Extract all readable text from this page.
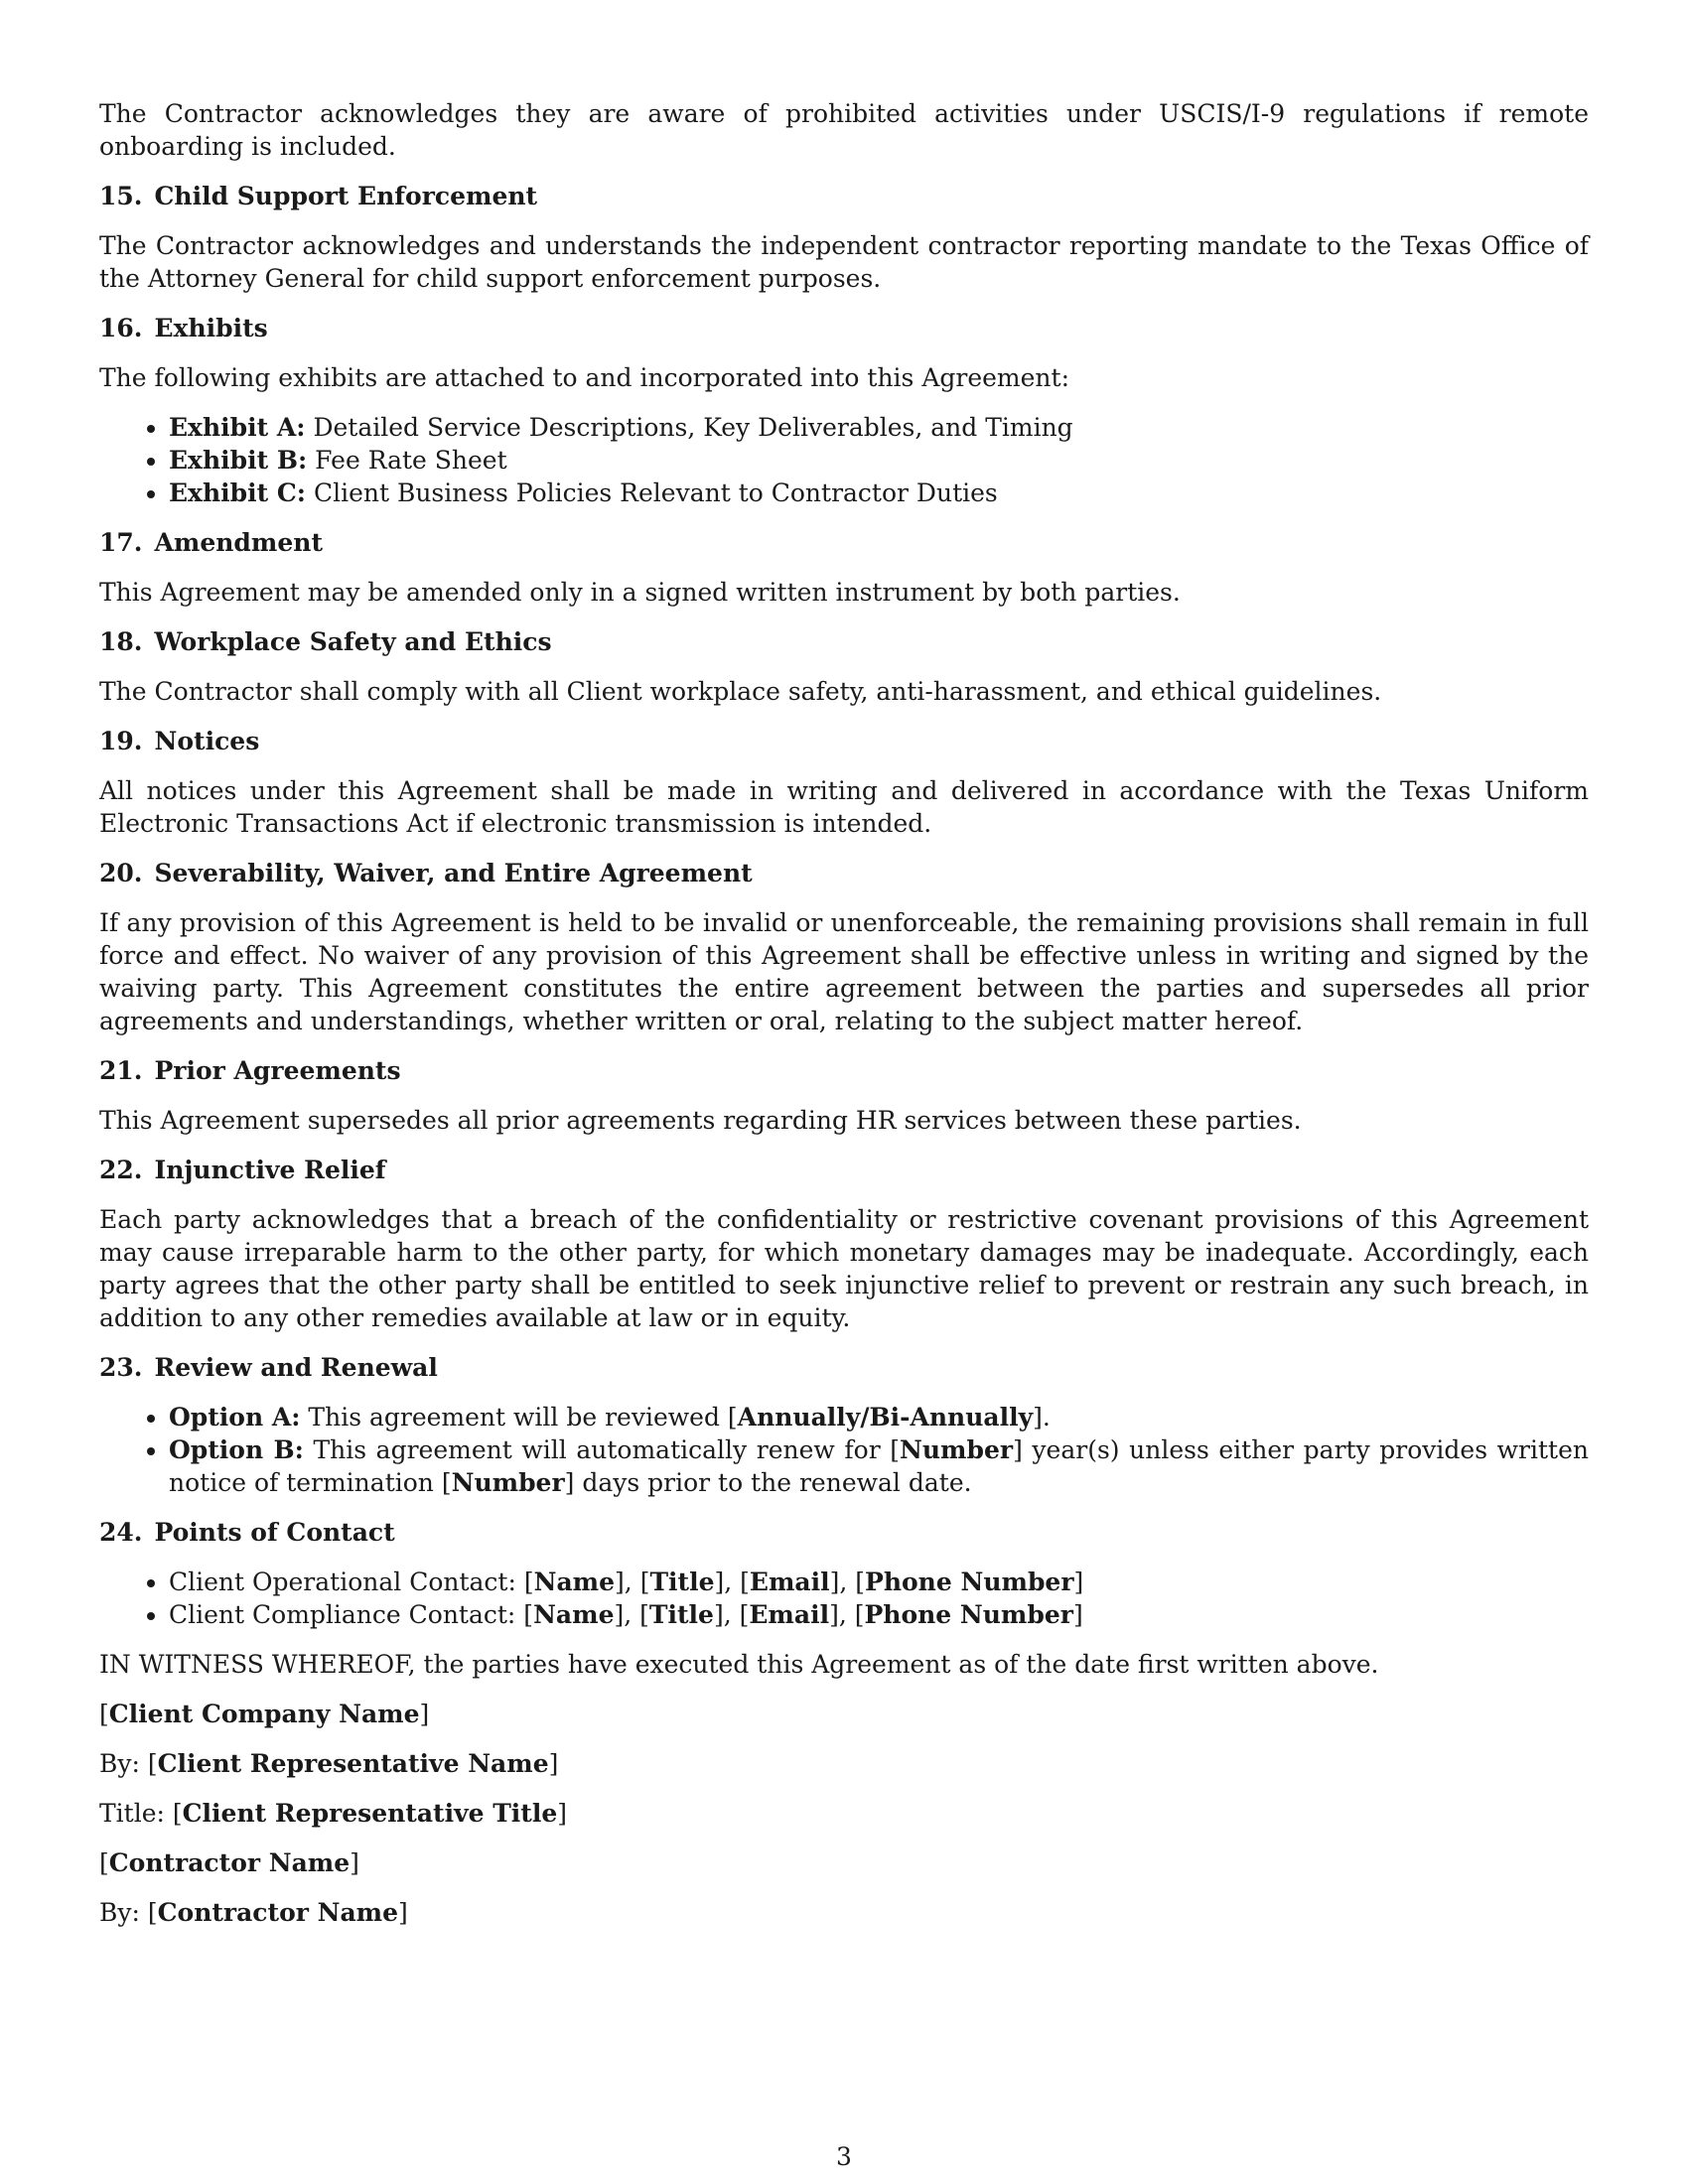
The Contractor acknowledges they are aware of prohibited activities under USCIS/I-9 regulations if remote onboarding is included.

15. Child Support Enforcement

The Contractor acknowledges and understands the independent contractor reporting mandate to the Texas Office of the Attorney General for child support enforcement purposes.

16. Exhibits

The following exhibits are attached to and incorporated into this Agreement:

• Exhibit A: Detailed Service Descriptions, Key Deliverables, and Timing
• Exhibit B: Fee Rate Sheet
• Exhibit C: Client Business Policies Relevant to Contractor Duties
17. Amendment

This Agreement may be amended only in a signed written instrument by both parties.

18. Workplace Safety and Ethics

The Contractor shall comply with all Client workplace safety, anti-harassment, and ethical guidelines.

19. Notices

All notices under this Agreement shall be made in writing and delivered in accordance with the Texas Uniform Electronic Transactions Act if electronic transmission is intended.

20. Severability, Waiver, and Entire Agreement

If any provision of this Agreement is held to be invalid or unenforceable, the remaining provisions shall remain in full force and effect. No waiver of any provision of this Agreement shall be effective unless in writing and signed by the waiving party. This Agreement constitutes the entire agreement between the parties and supersedes all prior agreements and understandings, whether written or oral, relating to the subject matter hereof.

21. Prior Agreements

This Agreement supersedes all prior agreements regarding HR services between these parties.

22. Injunctive Relief

Each party acknowledges that a breach of the confidentiality or restrictive covenant provisions of this Agreement may cause irreparable harm to the other party, for which monetary damages may be inadequate. Accordingly, each party agrees that the other party shall be entitled to seek injunctive relief to prevent or restrain any such breach, in addition to any other remedies available at law or in equity.

23. Review and Renewal
• Option A: This agreement will be reviewed [Annually/Bi-Annually].
• Option B: This agreement will automatically renew for [Number] year(s) unless either party provides written notice of termination [Number] days prior to the renewal date.
24. Points of Contact
• Client Operational Contact: [Name], [Title], [Email], [Phone Number]
• Client Compliance Contact: [Name], [Title], [Email], [Phone Number]

IN WITNESS WHEREOF, the parties have executed this Agreement as of the date first written above.

[Client Company Name]

By: [Client Representative Name]

Title: [Client Representative Title]

[Contractor Name]

By: [Contractor Name]

3
